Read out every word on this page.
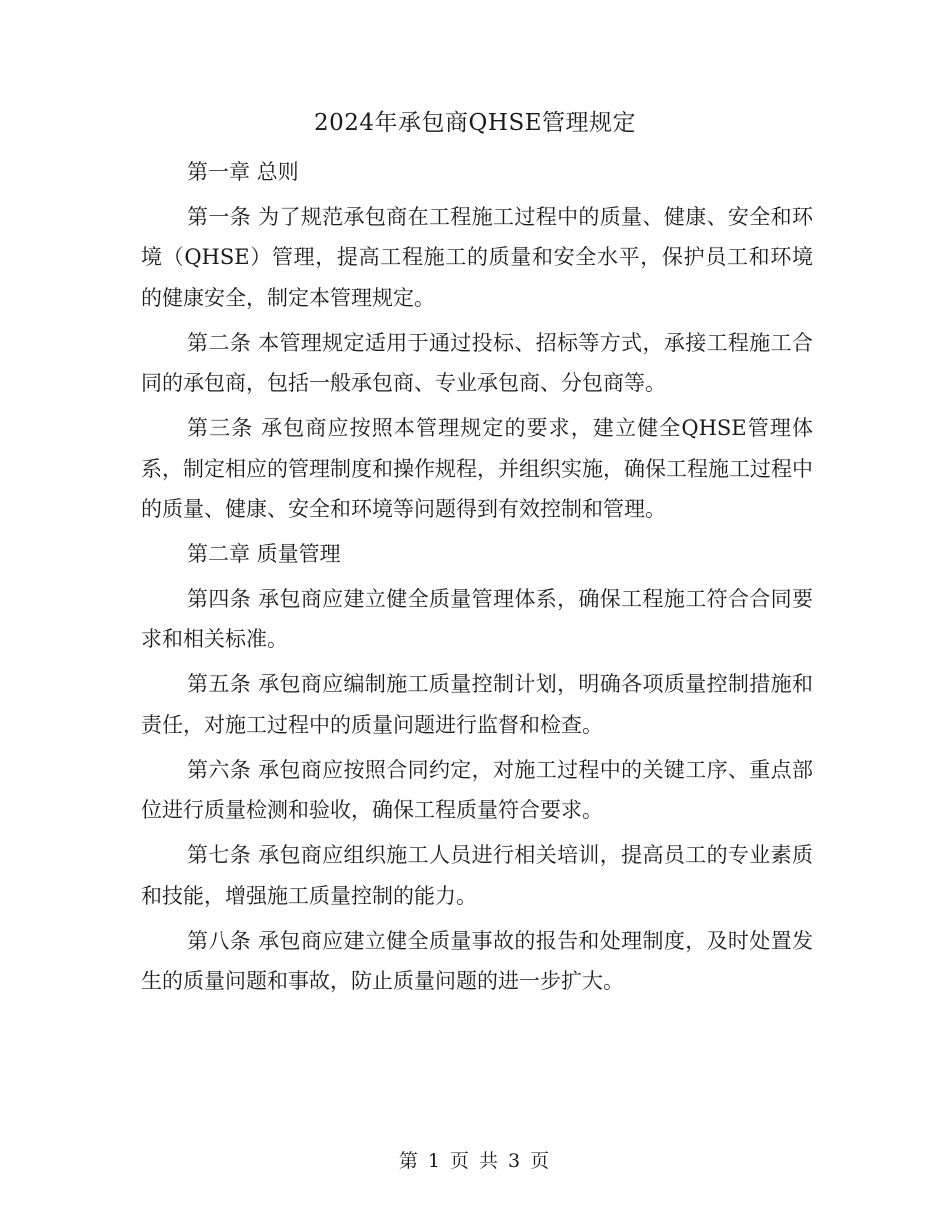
2024年承包商QHSE管理规定

第一章 总则

第一条 为了规范承包商在工程施工过程中的质量、健康、安全和环境（QHSE）管理，提高工程施工的质量和安全水平，保护员工和环境的健康安全，制定本管理规定。

第二条 本管理规定适用于通过投标、招标等方式，承接工程施工合同的承包商，包括一般承包商、专业承包商、分包商等。

第三条 承包商应按照本管理规定的要求，建立健全QHSE管理体系，制定相应的管理制度和操作规程，并组织实施，确保工程施工过程中的质量、健康、安全和环境等问题得到有效控制和管理。

第二章 质量管理

第四条 承包商应建立健全质量管理体系，确保工程施工符合合同要求和相关标准。

第五条 承包商应编制施工质量控制计划，明确各项质量控制措施和责任，对施工过程中的质量问题进行监督和检查。

第六条 承包商应按照合同约定，对施工过程中的关键工序、重点部位进行质量检测和验收，确保工程质量符合要求。

第七条 承包商应组织施工人员进行相关培训，提高员工的专业素质和技能，增强施工质量控制的能力。

第八条 承包商应建立健全质量事故的报告和处理制度，及时处置发生的质量问题和事故，防止质量问题的进一步扩大。

第 1 页 共 3 页
